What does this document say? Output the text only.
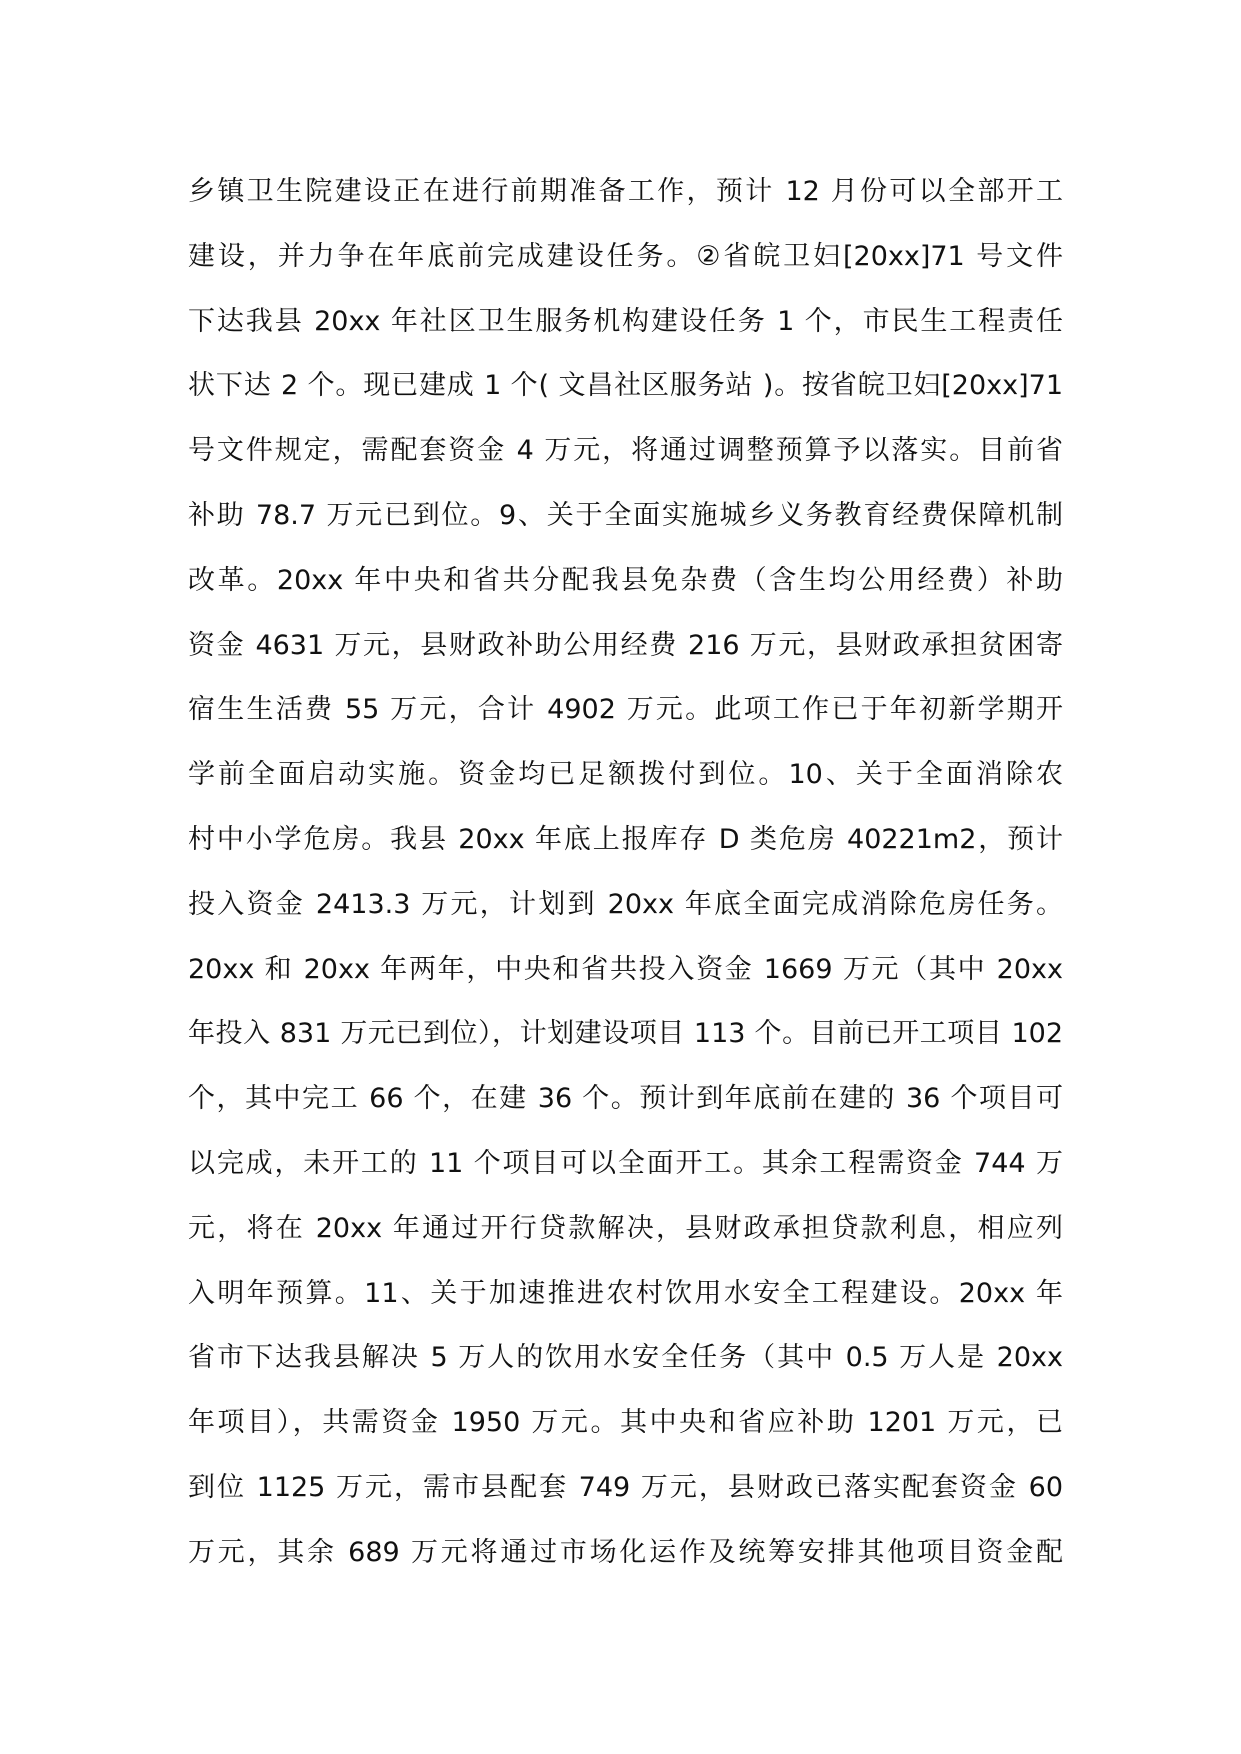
乡镇卫生院建设正在进行前期准备工作，预计 12 月份可以全部开工
建设，并力争在年底前完成建设任务。②省皖卫妇[20xx]71 号文件
下达我县 20xx 年社区卫生服务机构建设任务 1 个，市民生工程责任
状下达 2 个。现已建成 1 个( 文昌社区服务站 )。按省皖卫妇[20xx]71
号文件规定，需配套资金 4 万元，将通过调整预算予以落实。目前省
补助 78.7 万元已到位。9、关于全面实施城乡义务教育经费保障机制
改革。20xx 年中央和省共分配我县免杂费（含生均公用经费）补助
资金 4631 万元，县财政补助公用经费 216 万元，县财政承担贫困寄
宿生生活费 55 万元，合计 4902 万元。此项工作已于年初新学期开
学前全面启动实施。资金均已足额拨付到位。10、关于全面消除农
村中小学危房。我县 20xx 年底上报库存 D 类危房 40221m2，预计
投入资金 2413.3 万元，计划到 20xx 年底全面完成消除危房任务。
20xx 和 20xx 年两年，中央和省共投入资金 1669 万元（其中 20xx
年投入 831 万元已到位），计划建设项目 113 个。目前已开工项目 102
个，其中完工 66 个，在建 36 个。预计到年底前在建的 36 个项目可
以完成，未开工的 11 个项目可以全面开工。其余工程需资金 744 万
元，将在 20xx 年通过开行贷款解决，县财政承担贷款利息，相应列
入明年预算。11、关于加速推进农村饮用水安全工程建设。20xx 年
省市下达我县解决 5 万人的饮用水安全任务（其中 0.5 万人是 20xx
年项目），共需资金 1950 万元。其中央和省应补助 1201 万元，已
到位 1125 万元，需市县配套 749 万元，县财政已落实配套资金 60
万元，其余 689 万元将通过市场化运作及统筹安排其他项目资金配
